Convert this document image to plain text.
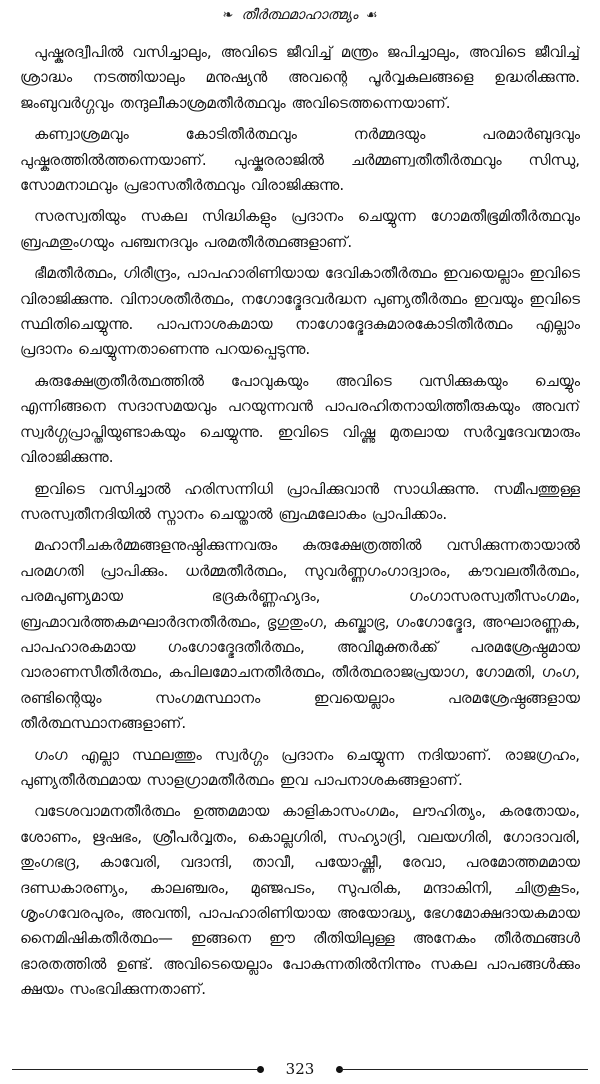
❧ തീർത്ഥമാഹാത്മ്യം ☙

പുഷ്കരദ്വീപിൽ വസിച്ചാലും, അവിടെ ജീവിച്ച് മന്ത്രം ജപിച്ചാലും, അവിടെ ജീവിച്ച് ശ്രാദ്ധം നടത്തിയാലും മനുഷ്യൻ അവന്റെ പൂർവ്വകുലങ്ങളെ ഉദ്ധരിക്കുന്നു. ജംബുവർഗ്ഗവും തന്ദുലീകാശ്രമതീർത്ഥവും അവിടെത്തന്നെയാണ്.

കണ്വാശ്രമവും കോടിതീർത്ഥവും നർമ്മദയും പരമാർബുദവും പുഷ്കരത്തിൽത്തന്നെയാണ്. പുഷ്കരരാജിൽ ചർമ്മണ്വതീതീർത്ഥവും സിന്ധു, സോമനാഥവും പ്രഭാസതീർത്ഥവും വിരാജിക്കുന്നു.

സരസ്വതിയും സകല സിദ്ധികളും പ്രദാനം ചെയ്യുന്ന ഗോമതീഭൂമിതീർത്ഥവും ബ്രഹ്മതുംഗയും പഞ്ചനദവും പരമതീർത്ഥങ്ങളാണ്.

ഭീമതീർത്ഥം, ഗിരീന്ദ്രം, പാപഹാരിണിയായ ദേവികാതീർത്ഥം ഇവയെല്ലാം ഇവിടെ വിരാജിക്കുന്നു. വിനാശതീർത്ഥം, നഗോദ്ഭേദവർദ്ധന പുണ്യതീർത്ഥം ഇവയും ഇവിടെ സ്ഥിതിചെയ്യുന്നു. പാപനാശകമായ നാഗോദ്ഭേദകുമാരകോടിതീർത്ഥം എല്ലാം പ്രദാനം ചെയ്യുന്നതാണെന്നു പറയപ്പെടുന്നു.

കുരുക്ഷേത്രതീർത്ഥത്തിൽ പോവുകയും അവിടെ വസിക്കുകയും ചെയ്യും എന്നിങ്ങനെ സദാസമയവും പറയുന്നവൻ പാപരഹിതനായിത്തീരുകയും അവന് സ്വർഗ്ഗപ്രാപ്തിയുണ്ടാകയും ചെയ്യുന്നു. ഇവിടെ വിഷ്ണു മുതലായ സർവ്വദേവന്മാരും വിരാജിക്കുന്നു.

ഇവിടെ വസിച്ചാൽ ഹരിസന്നിധി പ്രാപിക്കുവാൻ സാധിക്കുന്നു. സമീപത്തുള്ള സരസ്വതീനദിയിൽ സ്നാനം ചെയ്താൽ ബ്രഹ്മലോകം പ്രാപിക്കാം.

മഹാനീചകർമ്മങ്ങളനുഷ്ഠിക്കുന്നവരും കുരുക്ഷേത്രത്തിൽ വസിക്കുന്നതായാൽ പരമഗതി പ്രാപിക്കും. ധർമ്മതീർത്ഥം, സുവർണ്ണഗംഗാദ്വാരം, കൗവലതീർത്ഥം, പരമപുണ്യമായ ഭദ്രകർണ്ണഹ്യദം, ഗംഗാസരസ്വതീസംഗമം, ബ്രഹ്മാവർത്തകമഘാർദനതീർത്ഥം, ഭൃഗുതുംഗ, കബ്ജാഭ്ര, ഗംഗോദ്ഭേദ, അഘാരണ്ണക, പാപഹാരകമായ ഗംഗോദ്ഭേദതീർത്ഥം, അവിമുക്തർക്ക് പരമശ്രേഷ്ഠമായ വാരാണസീതീർത്ഥം, കപിലമോചനതീർത്ഥം, തീർത്ഥരാജപ്രയാഗ, ഗോമതി, ഗംഗ, രണ്ടിന്റെയും സംഗമസ്ഥാനം ഇവയെല്ലാം പരമശ്രേഷ്ഠങ്ങളായ തീർത്ഥസ്ഥാനങ്ങളാണ്.

ഗംഗ എല്ലാ സ്ഥലത്തും സ്വർഗ്ഗം പ്രദാനം ചെയ്യുന്ന നദിയാണ്. രാജഗ്രഹം, പുണ്യതീർത്ഥമായ സാളഗ്രാമതീർത്ഥം ഇവ പാപനാശകങ്ങളാണ്.

വടേശവാമനതീർത്ഥം ഉത്തമമായ കാളികാസംഗമം, ലൗഹിത്യം, കരതോയം, ശോണം, ഋഷഭം, ശ്രീപർവ്വതം, കൊല്ലഗിരി, സഹ്യാദ്രി, വലയഗിരി, ഗോദാവരി, തുംഗഭദ്ര, കാവേരി, വദാന്ദി, താവീ, പയോഷ്ണീ, രേവാ, പരമോത്തമമായ ദണ്ഡകാരണ്യം, കാലഞ്ചരം, മുഞ്ജപടം, സുപരിക, മന്ദാകിനി, ചിത്രകൂടം, ശൃംഗവേരപുരം, അവന്തി, പാപഹാരിണിയായ അയോദ്ധ്യ, ഭേഗമോക്ഷദായകമായ നൈമിഷികതീർത്ഥം— ഇങ്ങനെ ഈ രീതിയിലുള്ള അനേകം തീർത്ഥങ്ങൾ ഭാരതത്തിൽ ഉണ്ട്. അവിടെയെല്ലാം പോകുന്നതിൽനിന്നും സകല പാപങ്ങൾക്കും ക്ഷയം സംഭവിക്കുന്നതാണ്.

323
